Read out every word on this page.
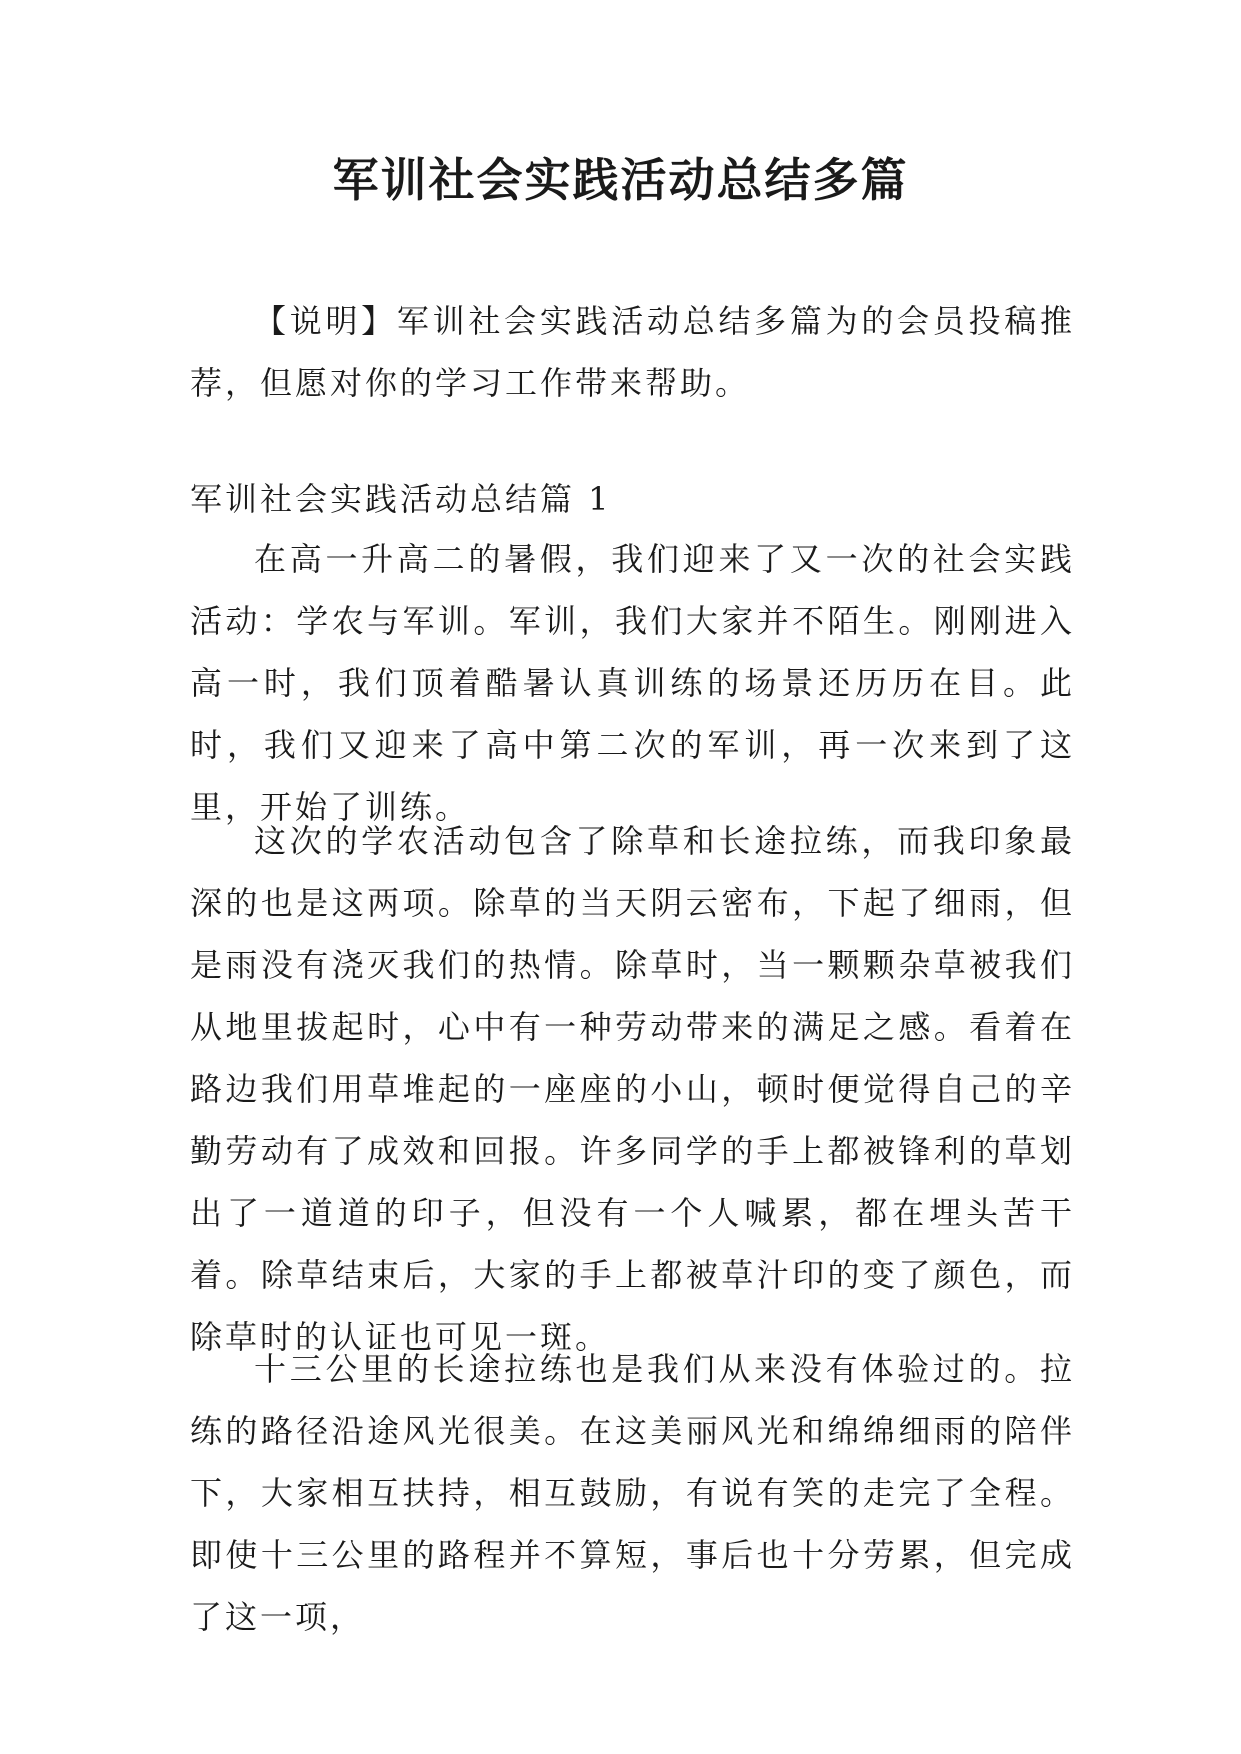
军训社会实践活动总结多篇

【说明】军训社会实践活动总结多篇为的会员投稿推荐，但愿对你的学习工作带来帮助。

军训社会实践活动总结篇 1

在高一升高二的暑假，我们迎来了又一次的社会实践活动：学农与军训。军训，我们大家并不陌生。刚刚进入高一时，我们顶着酷暑认真训练的场景还历历在目。此时，我们又迎来了高中第二次的军训，再一次来到了这里，开始了训练。

这次的学农活动包含了除草和长途拉练，而我印象最深的也是这两项。除草的当天阴云密布，下起了细雨，但是雨没有浇灭我们的热情。除草时，当一颗颗杂草被我们从地里拔起时，心中有一种劳动带来的满足之感。看着在路边我们用草堆起的一座座的小山，顿时便觉得自己的辛勤劳动有了成效和回报。许多同学的手上都被锋利的草划出了一道道的印子，但没有一个人喊累，都在埋头苦干着。除草结束后，大家的手上都被草汁印的变了颜色，而除草时的认证也可见一斑。

十三公里的长途拉练也是我们从来没有体验过的。拉练的路径沿途风光很美。在这美丽风光和绵绵细雨的陪伴下，大家相互扶持，相互鼓励，有说有笑的走完了全程。即使十三公里的路程并不算短，事后也十分劳累，但完成了这一项，
